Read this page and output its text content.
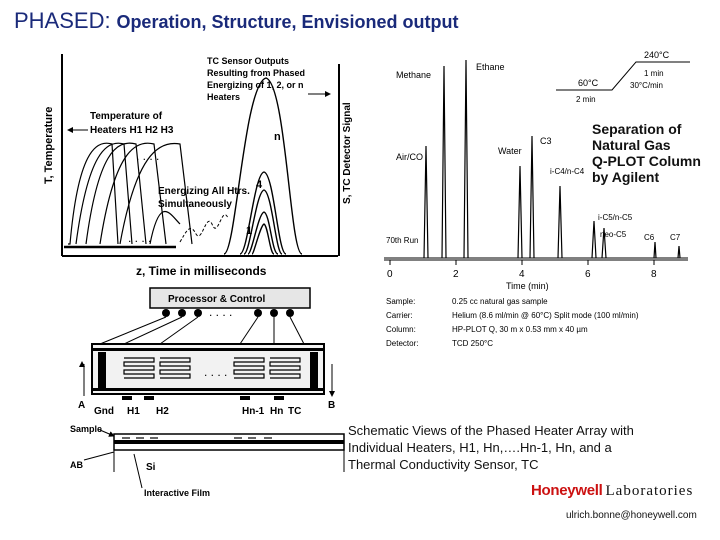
PHASED: Operation, Structure, Envisioned output
T, Temperature	S, TC Detector Signal
z, Time in milliseconds
. . . .
. . . .
n
4
1
Temperature of
Heaters H1 H2 H3
TC Sensor Outputs
Resulting from Phased
Energizing of 1, 2, or n
Heaters
Energizing All Htrs.
Simultaneously
Processor & Control
. . . .
. . . .
A	B
Gnd H1 H2	Hn-1 Hn TC
Sample
. . . .
AB	Si
Interactive Film
0	2	4	6	8
Time (min)
Methane
Ethane
Air/CO
Water
C3
i-C4/n-C4
i-C5/n-C5
neo-C5 C6 C7
70th Run
240°C
60°C
2 min
1 min
30°C/min
Sample:	0.25 cc natural gas sample
Carrier:	Helium (8.6 ml/min @ 60°C) Split mode (100 ml/min)
Column:	HP-PLOT Q, 30 m x 0.53 mm x 40 µm
Detector:	TCD 250°C
Separation of
Natural Gas
Q-PLOT Column
by Agilent
Schematic Views of the Phased Heater Array with
Individual Heaters, H1, Hn,….Hn-1, Hn, and a
Thermal Conductivity Sensor, TC
Honeywell Laboratories
ulrich.bonne@honeywell.com
